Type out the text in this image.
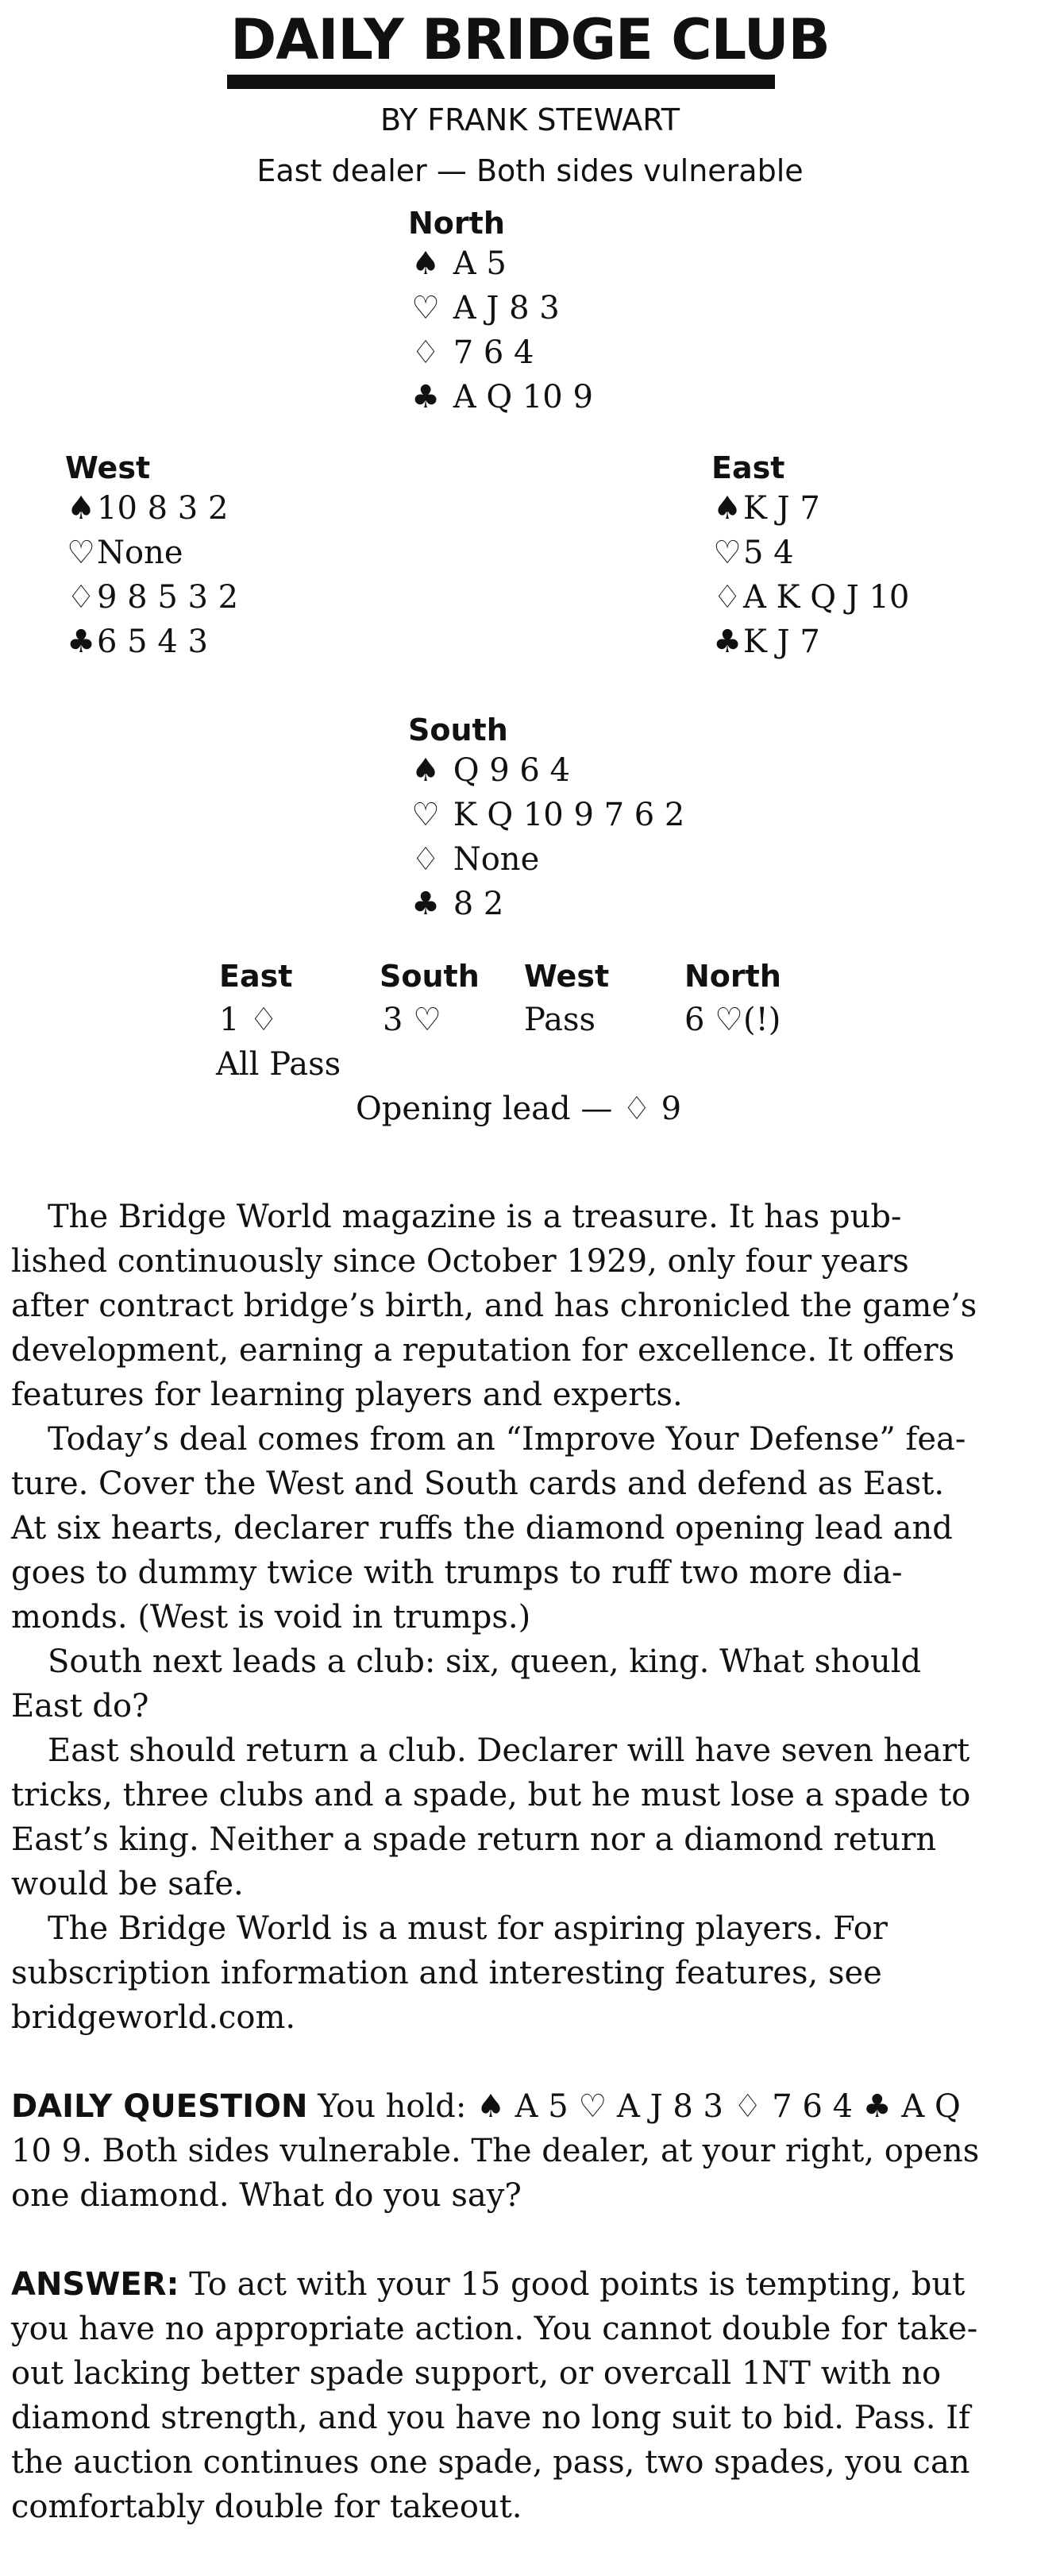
DAILY BRIDGE CLUB
BY FRANK STEWART
East dealer — Both sides vulnerable
North
♠ A 5
♡ A J 8 3
♢ 7 6 4
♣ A Q 10 9
West
♠10 8 3 2
♡None
♢9 8 5 3 2
♣6 5 4 3
East
♠K J 7
♡5 4
♢A K Q J 10
♣K J 7
South
♠ Q 9 6 4
♡ K Q 10 9 7 6 2
♢ None
♣ 8 2
East	South West North
1 ♢	3 ♡	Pass	6 ♡(!)
All Pass
Opening lead — ♢ 9
The Bridge World magazine is a treasure. It has pub-
lished continuously since October 1929, only four years
after contract bridge’s birth, and has chronicled the game’s
development, earning a reputation for excellence. It offers
features for learning players and experts.
Today’s deal comes from an “Improve Your Defense” fea-
ture. Cover the West and South cards and defend as East.
At six hearts, declarer ruffs the diamond opening lead and
goes to dummy twice with trumps to ruff two more dia-
monds. (West is void in trumps.)
South next leads a club: six, queen, king. What should
East do?
East should return a club. Declarer will have seven heart
tricks, three clubs and a spade, but he must lose a spade to
East’s king. Neither a spade return nor a diamond return
would be safe.
The Bridge World is a must for aspiring players. For
subscription information and interesting features, see
bridgeworld.com.
DAILY QUESTION You hold: ♠ A 5 ♡ A J 8 3 ♢ 7 6 4 ♣ A Q
10 9. Both sides vulnerable. The dealer, at your right, opens
one diamond. What do you say?
ANSWER: To act with your 15 good points is tempting, but
you have no appropriate action. You cannot double for take-
out lacking better spade support, or overcall 1NT with no
diamond strength, and you have no long suit to bid. Pass. If
the auction continues one spade, pass, two spades, you can
comfortably double for takeout.
